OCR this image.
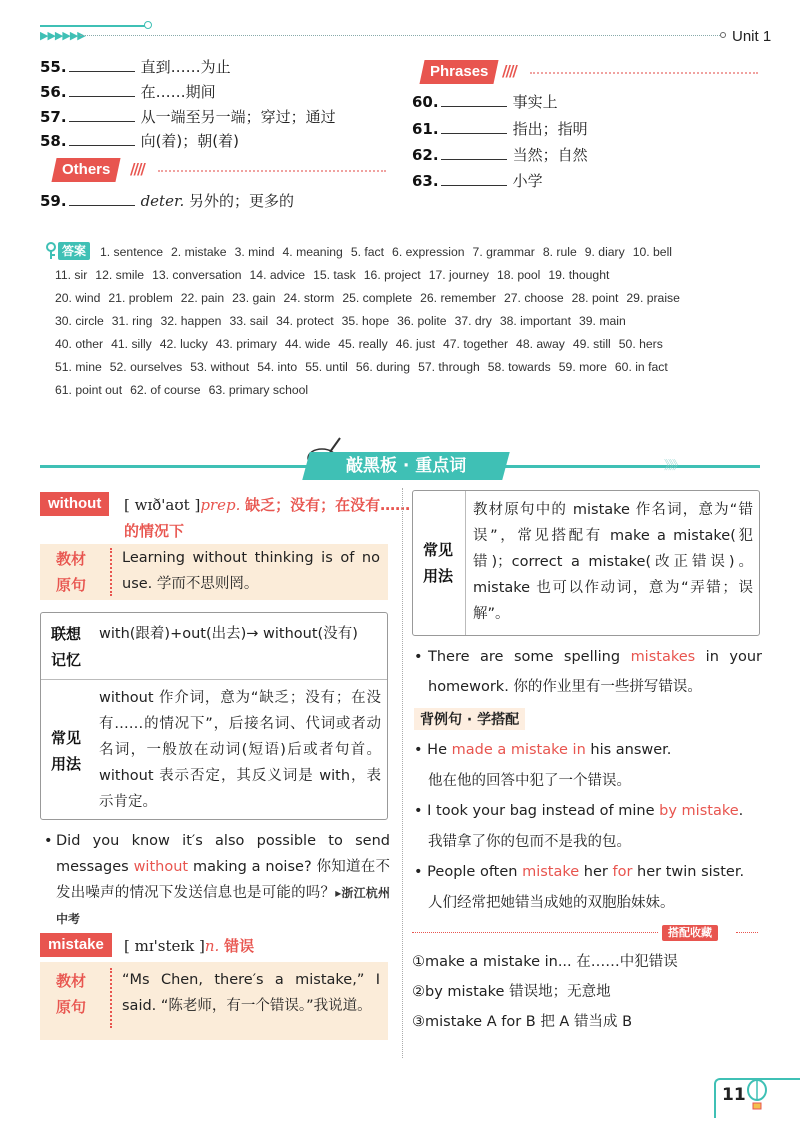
▶▶▶▶▶▶	Unit 1
55.	直到……为止
56.	在……期间
57.	从一端至另一端；穿过；通过
58.	向(着)；朝(着)
Others	////
59.	deter. 另外的；更多的
Phrases ////
60.	事实上
61.	指出；指明
62.	当然；自然
63.	小学
答案	1. sentence 2. mistake 3. mind 4. meaning 5. fact 6. expression 7. grammar 8. rule 9. diary 10. bell
11. sir 12. smile 13. conversation 14. advice 15. task 16. project 17. journey 18. pool 19. thought
20. wind 21. problem 22. pain 23. gain 24. storm 25. complete 26. remember 27. choose 28. point 29. praise
30. circle 31. ring 32. happen 33. sail 34. protect 35. hope 36. polite 37. dry 38. important 39. main
40. other 41. silly 42. lucky 43. primary 44. wide 45. really 46. just 47. together 48. away 49. still 50. hers
51. mine 52. ourselves 53. without 54. into 55. until 56. during 57. through 58. towards 59. more 60. in fact
61. point out 62. of course 63. primary school
敲黑板 · 重点词	》》》
without	[ wɪð'aʊt ]prep. 缺乏；没有；在没有……
的情况下
教材
原句
Learning without thinking is of no use. 学而不思则罔。
联想
记忆
with(跟着)+out(出去)→ without(没有)
常见
用法
without 作介词，意为“缺乏；没有；在没有……的情况下”，后接名词、代词或者动名词，一般放在动词(短语)后或者句首。without 表示否定，其反义词是 with，表示肯定。
• Did you know it′s also possible to send messages without making a noise? 你知道在不发出噪声的情况下发送信息也是可能的吗？▸浙江杭州中考
mistake	[ mɪ'steɪk ]n. 错误
教材
原句
“Ms Chen, there′s a mistake,” I said. “陈老师，有一个错误。”我说道。
常见
用法
教材原句中的 mistake 作名词，意为“错误”，常见搭配有 make a mistake(犯错)；correct a mistake(改正错误)。mistake 也可以作动词，意为“弄错；误解”。
• There are some spelling mistakes in your homework. 你的作业里有一些拼写错误。
背例句 · 学搭配
• He made a mistake in his answer.
他在他的回答中犯了一个错误。
• I took your bag instead of mine by mistake.
我错拿了你的包而不是我的包。
• People often mistake her for her twin sister.
人们经常把她错当成她的双胞胎妹妹。
搭配收藏
①make a mistake in... 在……中犯错误
②by mistake 错误地；无意地
③mistake A for B 把 A 错当成 B
11
